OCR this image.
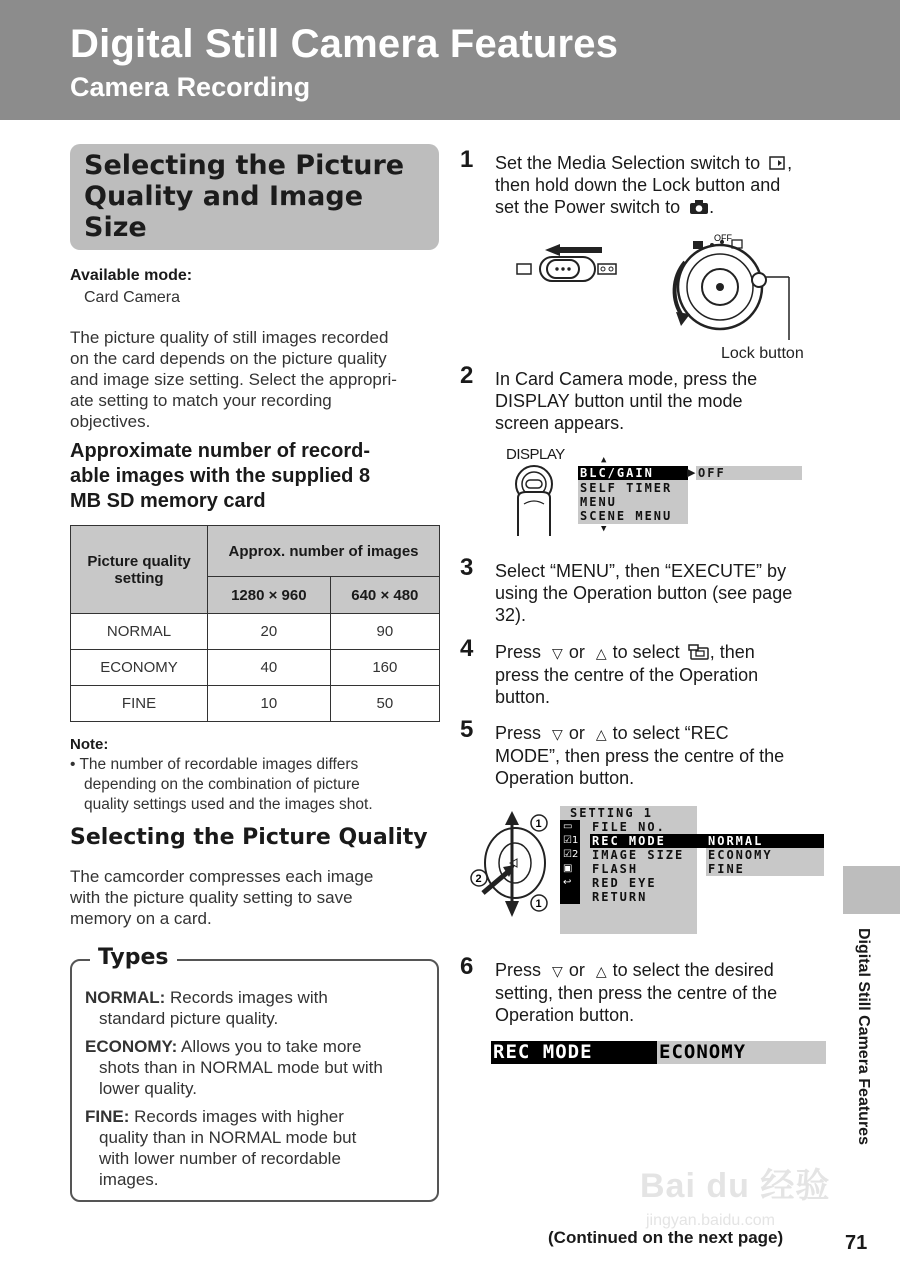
Digital Still Camera Features
Camera Recording
Selecting the Picture
Quality and Image
Size
Available mode:
Card Camera
The picture quality of still images recorded
on the card depends on the picture quality
and image size setting. Select the appropri-
ate setting to match your recording
objectives.
Approximate number of record-
able images with the supplied 8
MB SD memory card
Picture quality setting	Approx. number of images	
	1280 × 960	640 × 480
NORMAL	20	90
ECONOMY	40	160
FINE	10	50
Note:
• The number of recordable images differs
depending on the combination of picture
quality settings used and the images shot.
Selecting the Picture Quality
The camcorder compresses each image
with the picture quality setting to save
memory on a card.
Types
NORMAL: Records images with
standard picture quality.
ECONOMY: Allows you to take more
shots than in NORMAL mode but with
lower quality.
FINE: Records images with higher
quality than in NORMAL mode but
with lower number of recordable
images.
1 Set the Media Selection switch to ,
then hold down the Lock button and
set the Power switch to .
OFF
Lock button
2 In Card Camera mode, press the
DISPLAY button until the mode
screen appears.
DISPLAY	▲
BLC/GAIN
SELF TIMER
MENU
SCENE MENU
▶ OFF
▼
3 Select “MENU”, then “EXECUTE” by
using the Operation button (see page
32).
4 Press ▽ or △ to select , then
press the centre of the Operation
button.
5 Press ▽ or △ to select “REC
MODE”, then press the centre of the
Operation button.
1
2
1
SETTING 1
▭
☑1
☑2
▣
↩
FILE NO.
REC MODE
IMAGE SIZE
FLASH
RED EYE
RETURN
NORMAL
ECONOMY
FINE
6 Press ▽ or △ to select the desired
setting, then press the centre of the
Operation button.
REC MODE	ECONOMY	Digital Still Camera Features
Bai du 经验
jingyan.baidu.com
(Continued on the next page)	71
